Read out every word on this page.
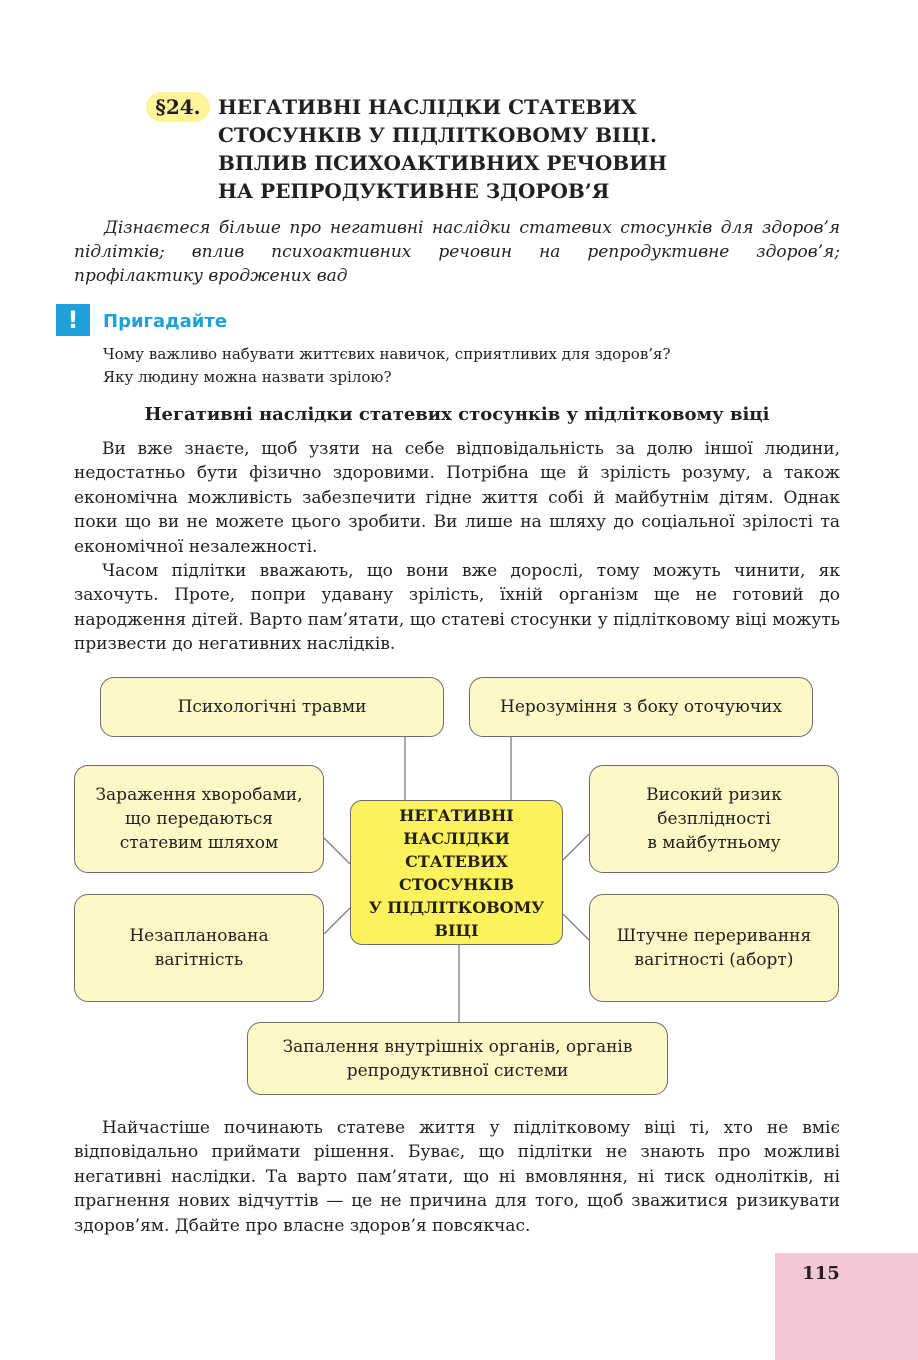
§24. НЕГАТИВНІ НАСЛІДКИ СТАТЕВИХ
СТОСУНКІВ У ПІДЛІТКОВОМУ ВІЦІ.
ВПЛИВ ПСИХОАКТИВНИХ РЕЧОВИН
НА РЕПРОДУКТИВНЕ ЗДОРОВ’Я

Дізнаєтеся більше про негативні наслідки статевих стосунків для здоров’я підлітків; вплив психоактивних речовин на репродуктивне здоров’я; профілактику вроджених вад

!	Пригадайте

Чому важливо набувати життєвих навичок, сприятливих для здоров’я?

Яку людину можна назвати зрілою?

Негативні наслідки статевих стосунків у підлітковому віці

Ви вже знаєте, щоб узяти на себе відповідальність за долю іншої людини, недостатньо бути фізично здоровими. Потрібна ще й зрілість розуму, а також економічна можливість забезпечити гідне життя собі й майбутнім дітям. Однак поки що ви не можете цього зробити. Ви лише на шляху до соціальної зрілості та економічної незалежності.

Часом підлітки вважають, що вони вже дорослі, тому можуть чинити, як захочуть. Проте, попри удавану зрілість, їхній організм ще не готовий до народження дітей. Варто пам’ятати, що статеві стосунки у підлітковому віці можуть призвести до негативних наслідків.

Психологічні травми	Нерозуміння з боку оточуючих
Зараження хворобами,
що передаються
статевим шляхом
Високий ризик
безплідності
в майбутньому
НЕГАТИВНІ
НАСЛІДКИ
СТАТЕВИХ
СТОСУНКІВ
У ПІДЛІТКОВОМУ
ВІЦІ
Незапланована
вагітність
Штучне переривання
вагітності (аборт)
Запалення внутрішніх органів, органів
репродуктивної системи

Найчастіше починають статеве життя у підлітковому віці ті, хто не вміє відповідально приймати рішення. Буває, що підлітки не знають про можливі негативні наслідки. Та варто пам’ятати, що ні вмовляння, ні тиск однолітків, ні прагнення нових відчуттів — це не причина для того, щоб зважитися ризикувати здоров’ям. Дбайте про власне здоров’я повсякчас.

115
